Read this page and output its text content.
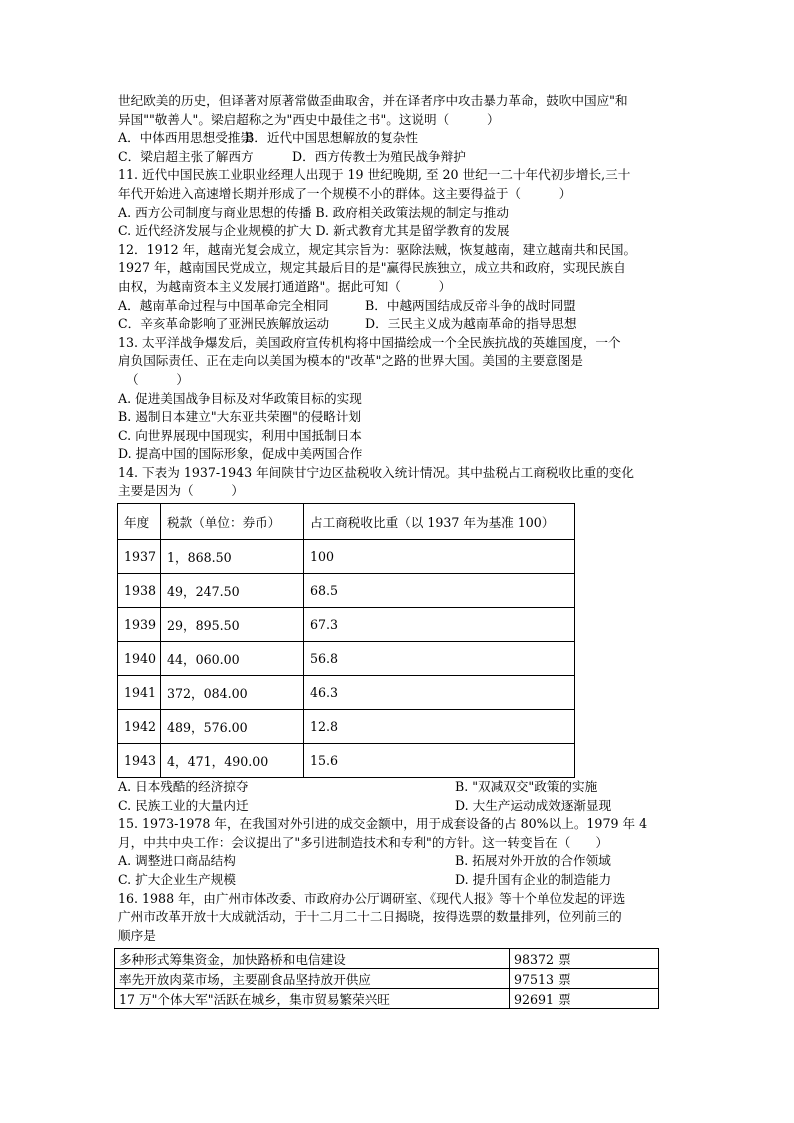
世纪欧美的历史，但译著对原著常做歪曲取舍，并在译者序中攻击暴力革命，鼓吹中国应"和

异国""敬善人"。梁启超称之为"西史中最佳之书"。这说明（　　　）

A．中体西用思想受推崇
B．近代中国思想解放的复杂性
C．梁启超主张了解西方	D．西方传教士为殖民战争辩护

11. 近代中国民族工业职业经理人出现于 19 世纪晚期, 至 20 世纪一二十年代初步增长,三十

年代开始进入高速增长期并形成了一个规模不小的群体。这主要得益于（　　　）

A. 西方公司制度与商业思想的传播 B. 政府相关政策法规的制定与推动

C. 近代经济发展与企业规模的扩大 D. 新式教育尤其是留学教育的发展

12．1912 年，越南光复会成立，规定其宗旨为：驱除法贼，恢复越南，建立越南共和民国。

1927 年，越南国民党成立，规定其最后目的是"赢得民族独立，成立共和政府，实现民族自

由权，为越南资本主义发展打通道路"。据此可知（　　　）

A．越南革命过程与中国革命完全相同	B．中越两国结成反帝斗争的战时同盟
C．辛亥革命影响了亚洲民族解放运动	D．三民主义成为越南革命的指导思想

13. 太平洋战争爆发后，美国政府宣传机构将中国描绘成一个全民族抗战的英雄国度，一个

肩负国际责任、正在走向以美国为模本的"改革"之路的世界大国。美国的主要意图是

（　　　）

A. 促进美国战争目标及对华政策目标的实现

B. 遏制日本建立"大东亚共荣圈"的侵略计划

C. 向世界展现中国现实，利用中国抵制日本

D. 提高中国的国际形象，促成中美两国合作

14. 下表为 1937-1943 年间陕甘宁边区盐税收入统计情况。其中盐税占工商税收比重的变化

主要是因为（　　　）

年度	税款（单位：券币）	占工商税收比重（以 1937 年为基准 100）
1937	1，868.50	100
1938	49，247.50	68.5
1939	29，895.50	67.3
1940	44，060.00	56.8
1941	372，084.00	46.3
1942	489，576.00	12.8
1943	4，471，490.00	15.6
A. 日本残酷的经济掠夺	B. "双减双交"政策的实施
C. 民族工业的大量内迁	D. 大生产运动成效逐渐显现

15. 1973-1978 年，在我国对外引进的成交金额中，用于成套设备的占 80%以上。1979 年 4

月，中共中央工作：会议提出了"多引进制造技术和专利"的方针。这一转变旨在（　　）

A. 调整进口商品结构	B. 拓展对外开放的合作领域
C. 扩大企业生产规模	D. 提升国有企业的制造能力

16. 1988 年，由广州市体改委、市政府办公厅调研室、《现代人报》等十个单位发起的评选

广州市改革开放十大成就活动，于十二月二十二日揭晓，按得选票的数量排列，位列前三的

顺序是

多种形式筹集资金，加快路桥和电信建设	98372 票
率先开放肉菜市场，主要副食品坚持放开供应	97513 票
17 万"个体大军"活跃在城乡，集市贸易繁荣兴旺	92691 票
